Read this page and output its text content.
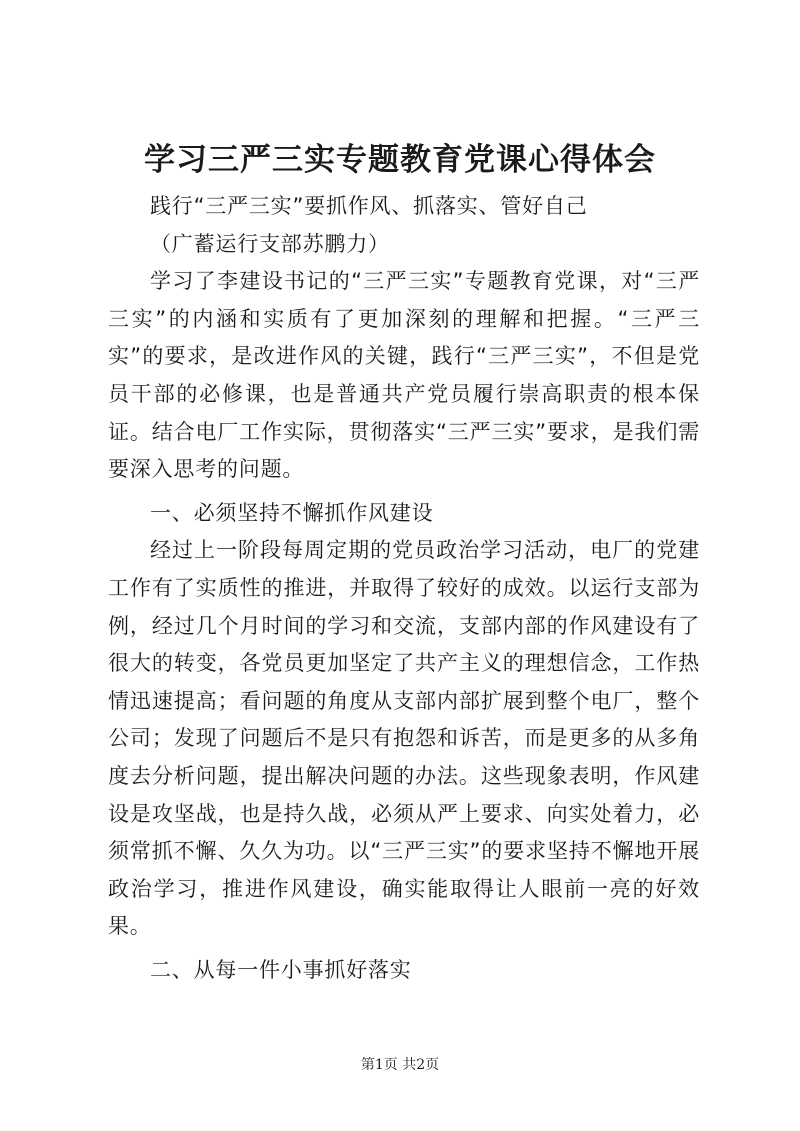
学习三严三实专题教育党课心得体会

践行“三严三实”要抓作风、抓落实、管好自己

（广蓄运行支部苏鹏力）

学习了李建设书记的“三严三实”专题教育党课，对“三严三实”的内涵和实质有了更加深刻的理解和把握。“三严三实”的要求，是改进作风的关键，践行“三严三实”，不但是党员干部的必修课，也是普通共产党员履行崇高职责的根本保证。结合电厂工作实际，贯彻落实“三严三实”要求，是我们需要深入思考的问题。

一、必须坚持不懈抓作风建设

经过上一阶段每周定期的党员政治学习活动，电厂的党建工作有了实质性的推进，并取得了较好的成效。以运行支部为例，经过几个月时间的学习和交流，支部内部的作风建设有了很大的转变，各党员更加坚定了共产主义的理想信念，工作热情迅速提高；看问题的角度从支部内部扩展到整个电厂，整个公司；发现了问题后不是只有抱怨和诉苦，而是更多的从多角度去分析问题，提出解决问题的办法。这些现象表明，作风建设是攻坚战，也是持久战，必须从严上要求、向实处着力，必须常抓不懈、久久为功。以“三严三实”的要求坚持不懈地开展政治学习，推进作风建设，确实能取得让人眼前一亮的好效果。

二、从每一件小事抓好落实

第1页 共2页
